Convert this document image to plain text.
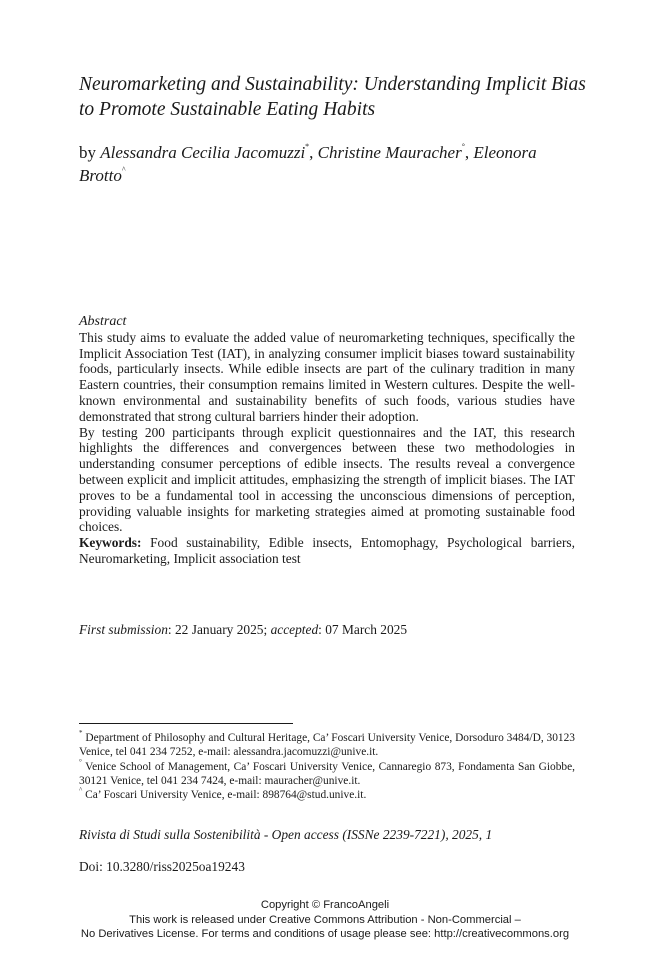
Neuromarketing and Sustainability: Understanding Implicit Bias to Promote Sustainable Eating Habits
by Alessandra Cecilia Jacomuzzi*, Christine Mauracher°, Eleonora Brotto^
Abstract

This study aims to evaluate the added value of neuromarketing techniques, specifically the Implicit Association Test (IAT), in analyzing consumer implicit biases toward sustainability foods, particularly insects. While edible insects are part of the culinary tradition in many Eastern countries, their consumption remains limited in Western cultures. Despite the well-known environmental and sustainability benefits of such foods, various studies have demonstrated that strong cultural barriers hinder their adoption.

By testing 200 participants through explicit questionnaires and the IAT, this research highlights the differences and convergences between these two methodologies in understanding consumer perceptions of edible insects. The results reveal a convergence between explicit and implicit attitudes, emphasizing the strength of implicit biases. The IAT proves to be a fundamental tool in accessing the unconscious dimensions of perception, providing valuable insights for marketing strategies aimed at promoting sustainable food choices.

Keywords: Food sustainability, Edible insects, Entomophagy, Psychological barriers, Neuromarketing, Implicit association test

First submission: 22 January 2025; accepted: 07 March 2025

* Department of Philosophy and Cultural Heritage, Ca’ Foscari University Venice, Dorsoduro 3484/D, 30123 Venice, tel 041 234 7252, e-mail: alessandra.jacomuzzi@unive.it.

° Venice School of Management, Ca’ Foscari University Venice, Cannaregio 873, Fondamenta San Giobbe, 30121 Venice, tel 041 234 7424, e-mail: mauracher@unive.it.

^ Ca’ Foscari University Venice, e-mail: 898764@stud.unive.it.

Rivista di Studi sulla Sostenibilità - Open access (ISSNe 2239-7221), 2025, 1
Doi: 10.3280/riss2025oa19243
Copyright © FrancoAngeli
This work is released under Creative Commons Attribution - Non-Commercial –
No Derivatives License. For terms and conditions of usage please see: http://creativecommons.org
